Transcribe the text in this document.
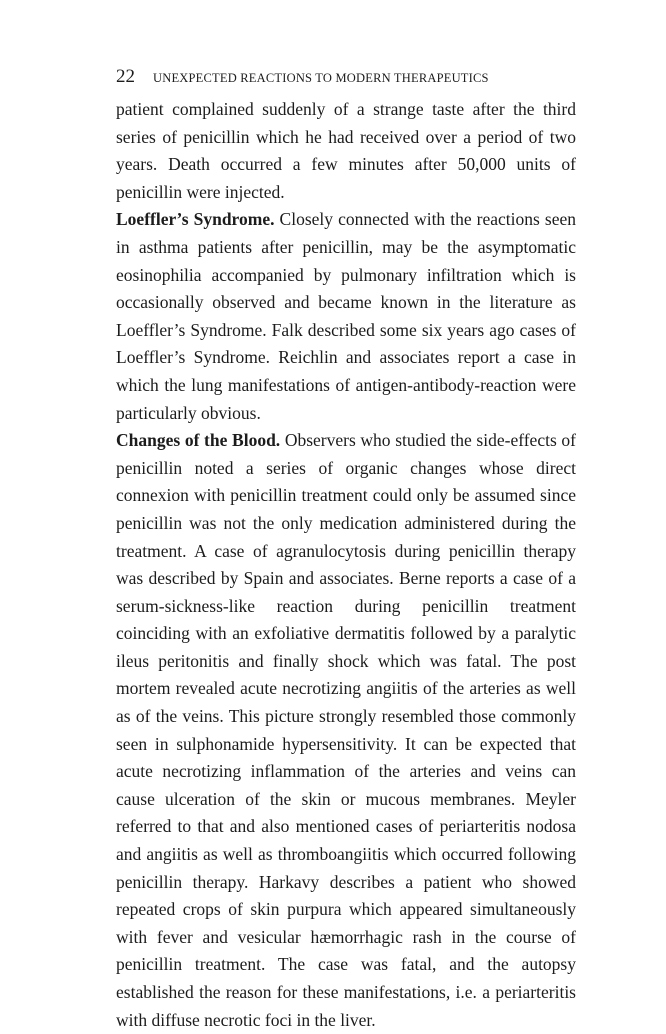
22 UNEXPECTED REACTIONS TO MODERN THERAPEUTICS

patient complained suddenly of a strange taste after the third series of penicillin which he had received over a period of two years. Death occurred a few minutes after 50,000 units of penicillin were injected.

Loeffler’s Syndrome. Closely connected with the reactions seen in asthma patients after penicillin, may be the asymptomatic eosinophilia accompanied by pulmonary infiltration which is occasionally observed and became known in the literature as Loeffler’s Syndrome. Falk described some six years ago cases of Loeffler’s Syndrome. Reichlin and associates report a case in which the lung manifestations of antigen-antibody-reaction were particularly obvious.

Changes of the Blood. Observers who studied the side-effects of penicillin noted a series of organic changes whose direct connexion with penicillin treatment could only be assumed since penicillin was not the only medication administered during the treatment. A case of agranulocytosis during penicillin therapy was described by Spain and associates. Berne reports a case of a serum-sickness-like reaction during penicillin treatment coinciding with an exfoliative dermatitis followed by a paralytic ileus peritonitis and finally shock which was fatal. The post mortem revealed acute necrotizing angiitis of the arteries as well as of the veins. This picture strongly resembled those commonly seen in sulphonamide hypersensitivity. It can be expected that acute necrotizing inflammation of the arteries and veins can cause ulceration of the skin or mucous membranes. Meyler referred to that and also mentioned cases of periarteritis nodosa and angiitis as well as thromboangiitis which occurred following penicillin therapy. Harkavy describes a patient who showed repeated crops of skin purpura which appeared simultaneously with fever and vesicular hæmorrhagic rash in the course of penicillin treatment. The case was fatal, and the autopsy established the reason for these manifestations, i.e. a periarteritis with diffuse necrotic foci in the liver.
